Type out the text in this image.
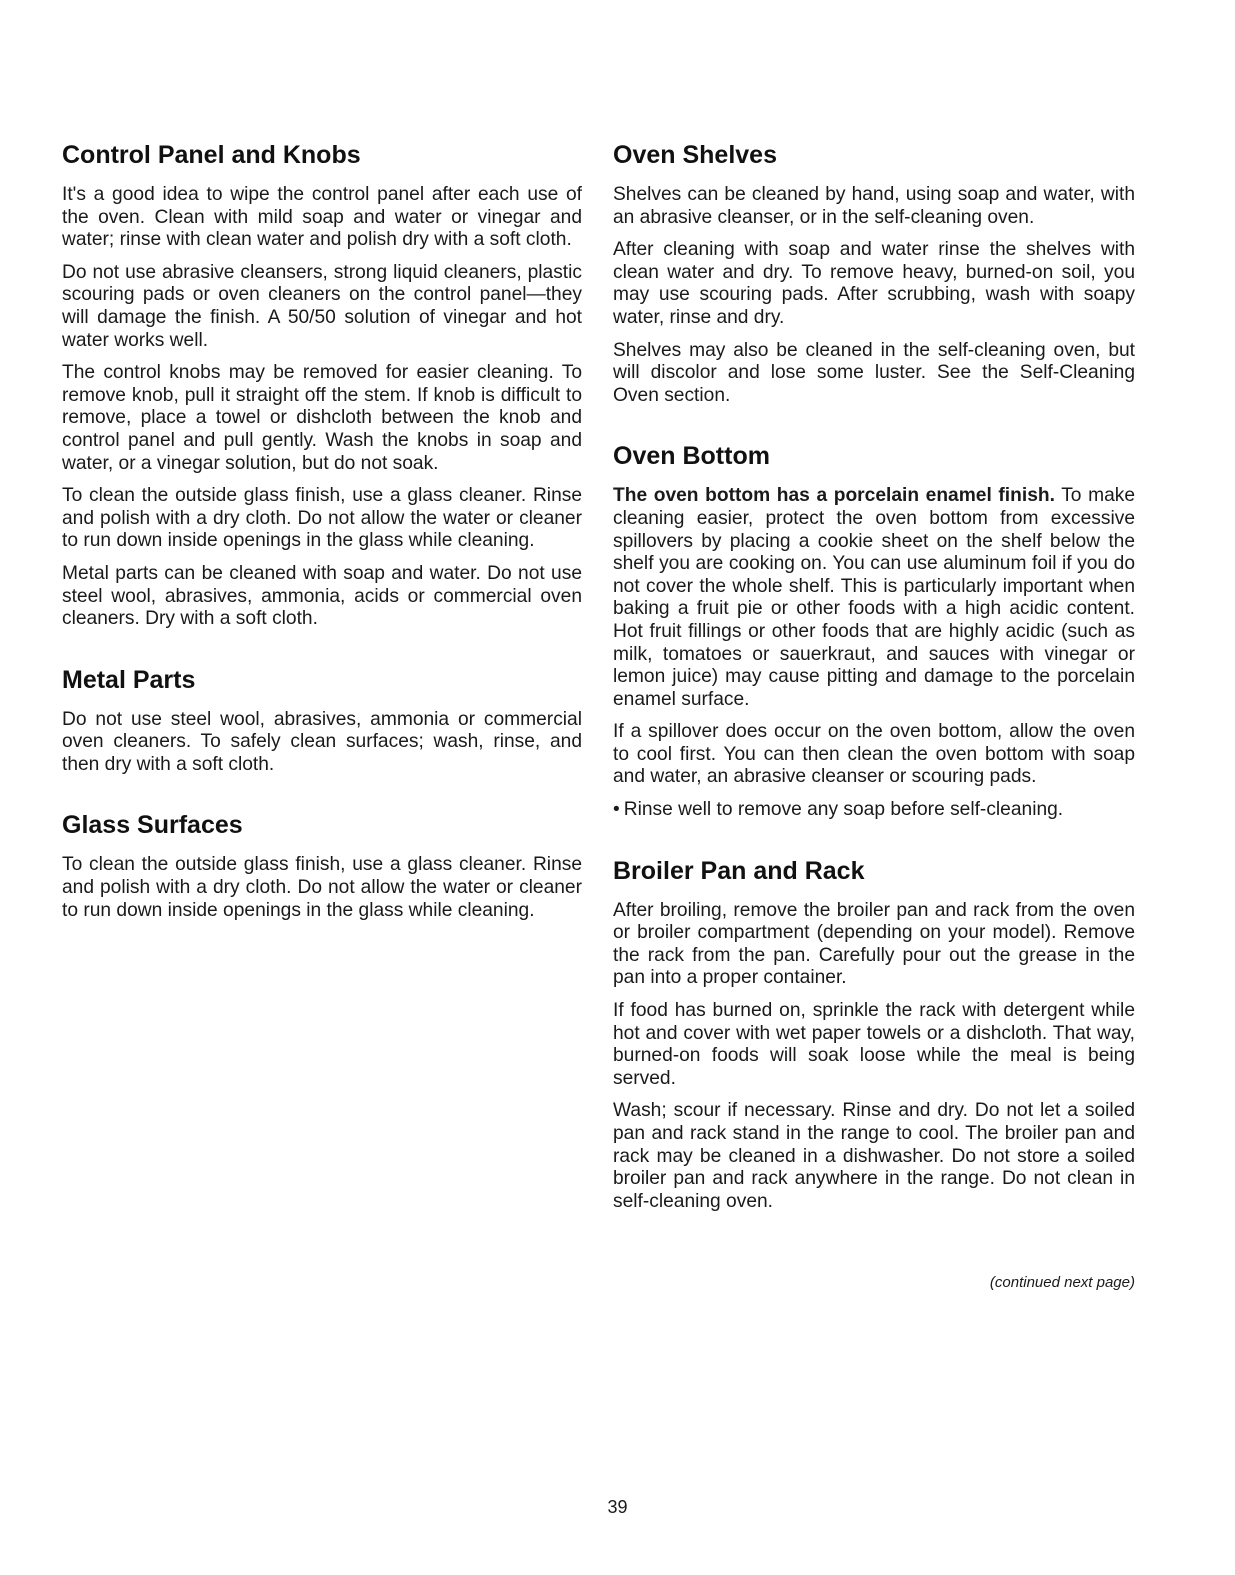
Control Panel and Knobs

It's a good idea to wipe the control panel after each use of the oven. Clean with mild soap and water or vinegar and water; rinse with clean water and polish dry with a soft cloth.

Do not use abrasive cleansers, strong liquid cleaners, plastic scouring pads or oven cleaners on the control panel—they will damage the finish. A 50/50 solution of vinegar and hot water works well.

The control knobs may be removed for easier cleaning. To remove knob, pull it straight off the stem. If knob is difficult to remove, place a towel or dishcloth between the knob and control panel and pull gently. Wash the knobs in soap and water, or a vinegar solution, but do not soak.

To clean the outside glass finish, use a glass cleaner. Rinse and polish with a dry cloth. Do not allow the water or cleaner to run down inside openings in the glass while cleaning.

Metal parts can be cleaned with soap and water. Do not use steel wool, abrasives, ammonia, acids or commercial oven cleaners. Dry with a soft cloth.

Metal Parts

Do not use steel wool, abrasives, ammonia or commercial oven cleaners. To safely clean surfaces; wash, rinse, and then dry with a soft cloth.

Glass Surfaces

To clean the outside glass finish, use a glass cleaner. Rinse and polish with a dry cloth. Do not allow the water or cleaner to run down inside openings in the glass while cleaning.

Oven Shelves

Shelves can be cleaned by hand, using soap and water, with an abrasive cleanser, or in the self-cleaning oven.

After cleaning with soap and water rinse the shelves with clean water and dry. To remove heavy, burned-on soil, you may use scouring pads. After scrubbing, wash with soapy water, rinse and dry.

Shelves may also be cleaned in the self-cleaning oven, but will discolor and lose some luster. See the Self-Cleaning Oven section.

Oven Bottom

The oven bottom has a porcelain enamel finish. To make cleaning easier, protect the oven bottom from excessive spillovers by placing a cookie sheet on the shelf below the shelf you are cooking on. You can use aluminum foil if you do not cover the whole shelf. This is particularly important when baking a fruit pie or other foods with a high acidic content. Hot fruit fillings or other foods that are highly acidic (such as milk, tomatoes or sauerkraut, and sauces with vinegar or lemon juice) may cause pitting and damage to the porcelain enamel surface.

If a spillover does occur on the oven bottom, allow the oven to cool first. You can then clean the oven bottom with soap and water, an abrasive cleanser or scouring pads.

• Rinse well to remove any soap before self-cleaning.
Broiler Pan and Rack

After broiling, remove the broiler pan and rack from the oven or broiler compartment (depending on your model). Remove the rack from the pan. Carefully pour out the grease in the pan into a proper container.

If food has burned on, sprinkle the rack with detergent while hot and cover with wet paper towels or a dishcloth. That way, burned-on foods will soak loose while the meal is being served.

Wash; scour if necessary. Rinse and dry. Do not let a soiled pan and rack stand in the range to cool. The broiler pan and rack may be cleaned in a dishwasher. Do not store a soiled broiler pan and rack anywhere in the range. Do not clean in self-cleaning oven.

(continued next page)
39
